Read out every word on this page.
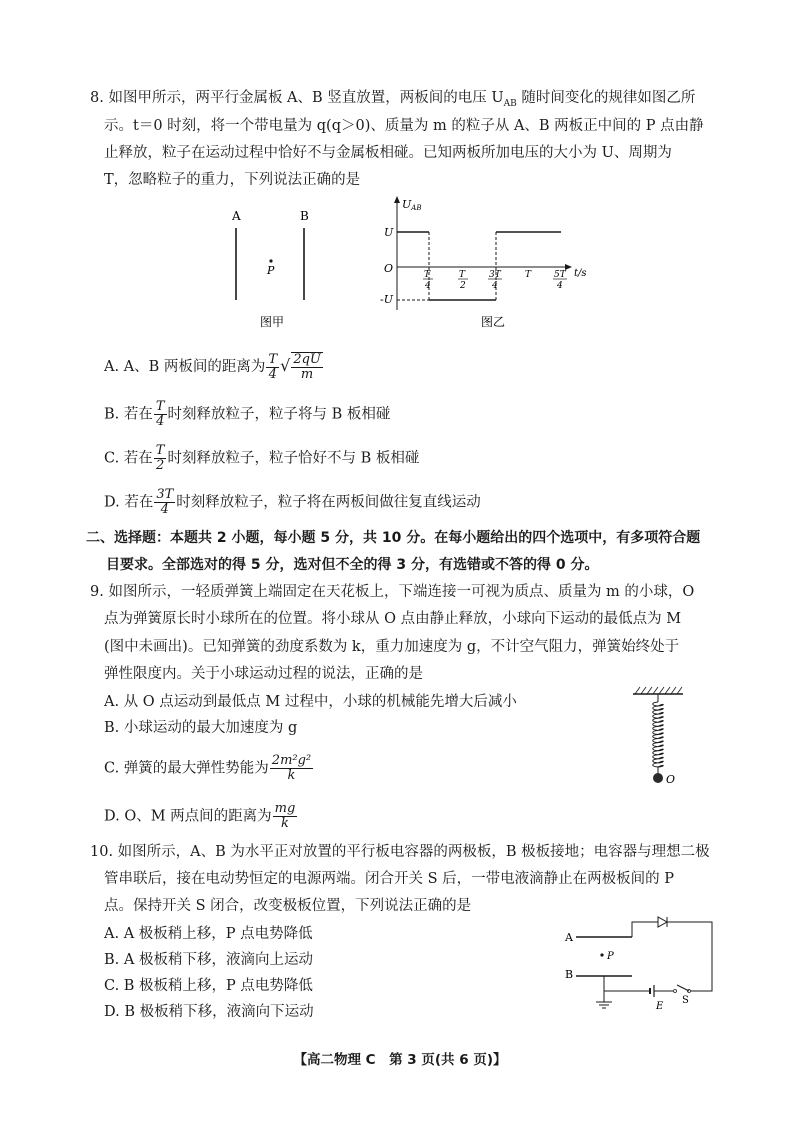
8. 如图甲所示，两平行金属板 A、B 竖直放置，两板间的电压 $U_{AB}$ 随时间变化的规律如图乙所
示。t＝0 时刻，将一个带电量为 q(q＞0)、质量为 m 的粒子从 A、B 两板正中间的 P 点由静
止释放，粒子在运动过程中恰好不与金属板相碰。已知两板所加电压的大小为 U、周期为
T，忽略粒子的重力，下列说法正确的是
A	B
P
图甲
UAB
t/s
U
O
-U
T
4
T
2
3T
4
T	5T
4
图乙
A. A、B 两板间的距离为 $\frac{T}{4}$ √ $\frac{2qU}{m}$
B. 若在 $\frac{T}{4}$ 时刻释放粒子，粒子将与 B 板相碰
C. 若在 $\frac{T}{2}$ 时刻释放粒子，粒子恰好不与 B 板相碰
D. 若在 $\frac{3T}{4}$ 时刻释放粒子，粒子将在两板间做往复直线运动
二、选择题：本题共 2 小题，每小题 5 分，共 10 分。在每小题给出的四个选项中，有多项符合题
目要求。全部选对的得 5 分，选对但不全的得 3 分，有选错或不答的得 0 分。
9. 如图所示，一轻质弹簧上端固定在天花板上，下端连接一可视为质点、质量为 m 的小球，O
点为弹簧原长时小球所在的位置。将小球从 O 点由静止释放，小球向下运动的最低点为 M
(图中未画出)。已知弹簧的劲度系数为 k，重力加速度为 g，不计空气阻力，弹簧始终处于
弹性限度内。关于小球运动过程的说法，正确的是
A. 从 O 点运动到最低点 M 过程中，小球的机械能先增大后减小
B. 小球运动的最大加速度为 g
C. 弹簧的最大弹性势能为 $\frac{\text{2m²g²}}{k}$
D. O、M 两点间的距离为 $\frac{mg}{k}$
O
10. 如图所示，A、B 为水平正对放置的平行板电容器的两极板，B 极板接地；电容器与理想二极
管串联后，接在电动势恒定的电源两端。闭合开关 S 后，一带电液滴静止在两极板间的 P
点。保持开关 S 闭合，改变极板位置，下列说法正确的是
A. A 极板稍上移，P 点电势降低
B. A 极板稍下移，液滴向上运动
C. B 极板稍上移，P 点电势降低
D. B 极板稍下移，液滴向下运动
A
B
P
S
E
【高二物理 C　第 3 页(共 6 页)】
